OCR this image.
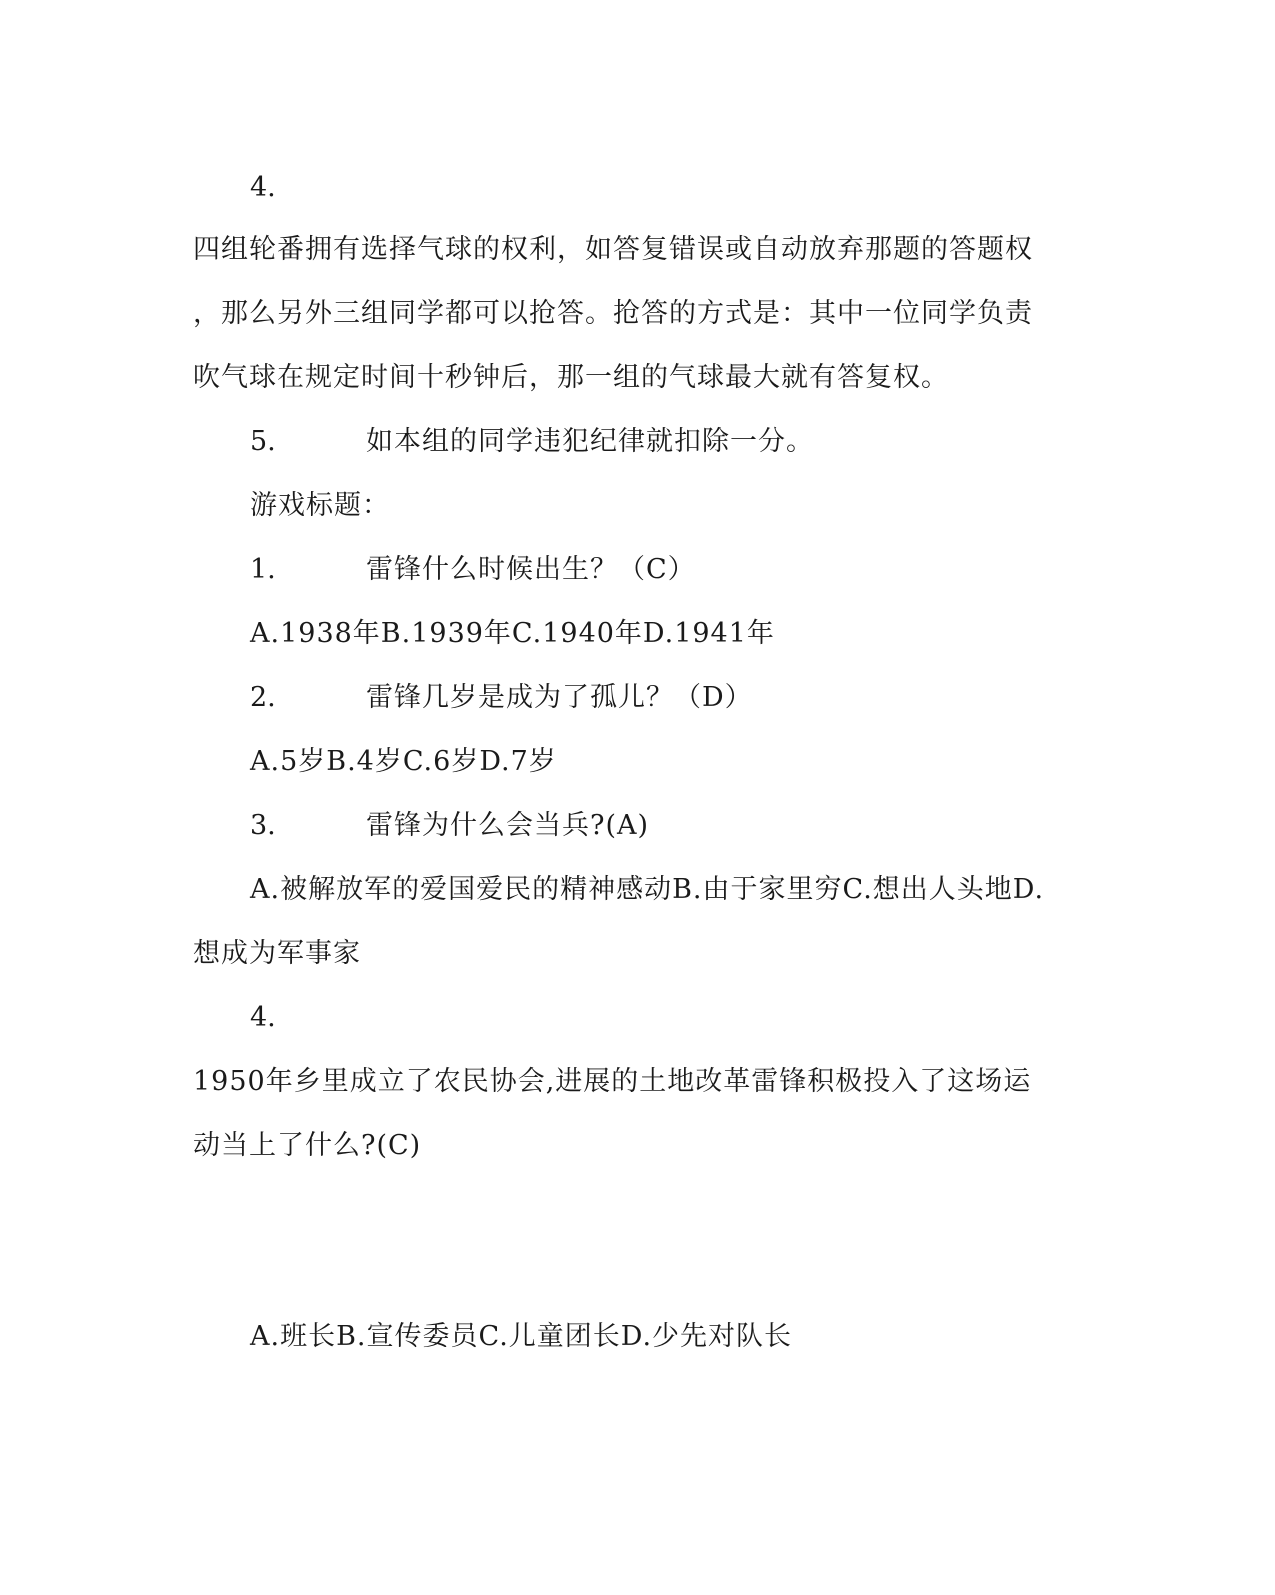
4.
四组轮番拥有选择气球的权利，如答复错误或自动放弃那题的答题权
，那么另外三组同学都可以抢答。抢答的方式是：其中一位同学负责
吹气球在规定时间十秒钟后，那一组的气球最大就有答复权。
5.	如本组的同学违犯纪律就扣除一分。
游戏标题：
1.	雷锋什么时候出生？（C）
A.1938年B.1939年C.1940年D.1941年
2.	雷锋几岁是成为了孤儿？（D）
A.5岁B.4岁C.6岁D.7岁
3.	雷锋为什么会当兵?(A)
A.被解放军的爱国爱民的精神感动B.由于家里穷C.想出人头地D.
想成为军事家
4.
1950年乡里成立了农民协会,进展的土地改革雷锋积极投入了这场运
动当上了什么?(C)
A.班长B.宣传委员C.儿童团长D.少先对队长
